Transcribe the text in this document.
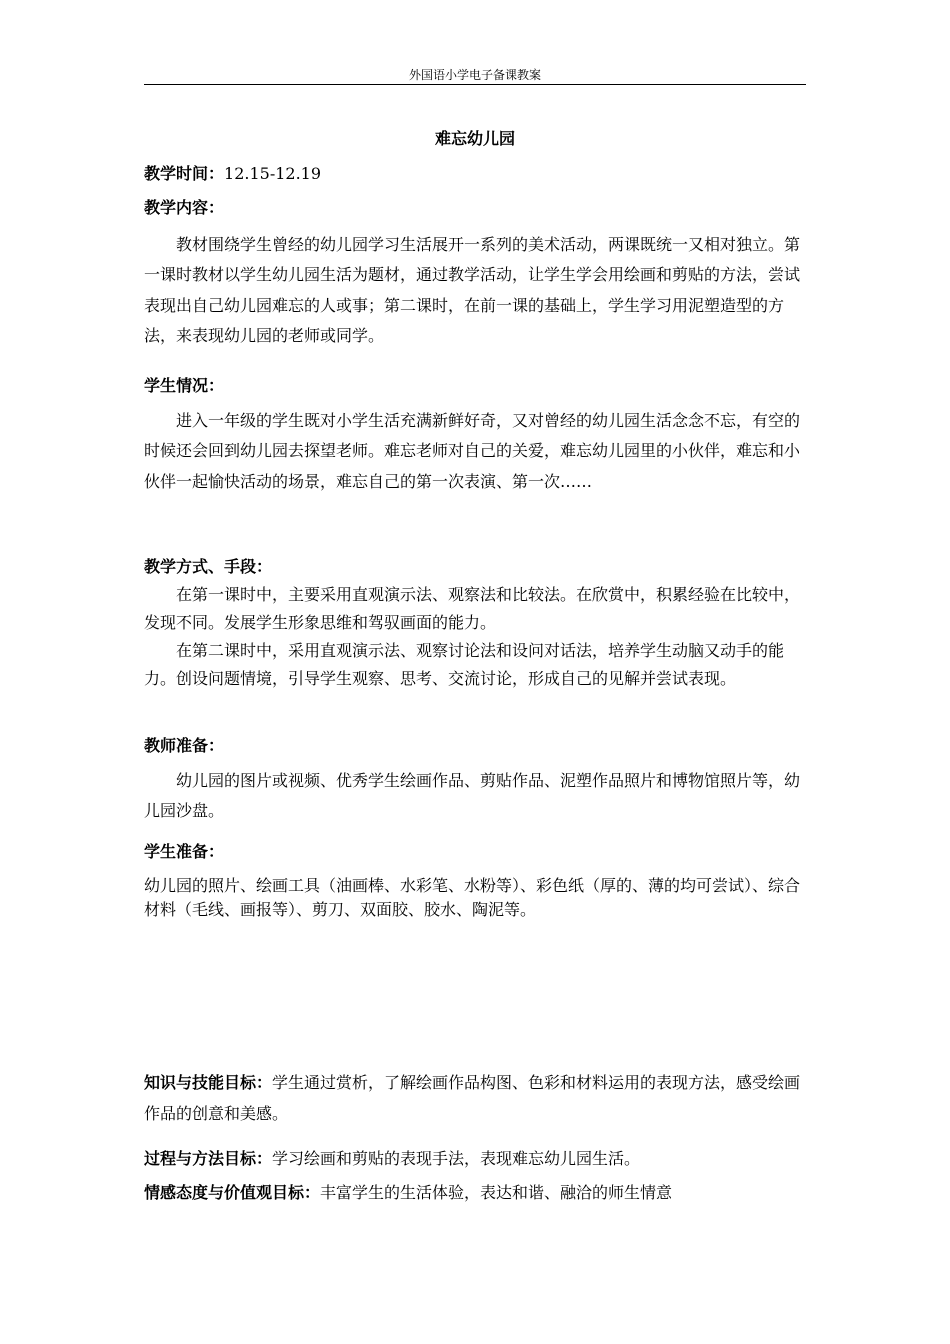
外国语小学电子备课教案
难忘幼儿园
教学时间：12.15-12.19
教学内容：
教材围绕学生曾经的幼儿园学习生活展开一系列的美术活动，两课既统一又相对独立。第一课时教材以学生幼儿园生活为题材，通过教学活动，让学生学会用绘画和剪贴的方法，尝试表现出自己幼儿园难忘的人或事；第二课时，在前一课的基础上，学生学习用泥塑造型的方法，来表现幼儿园的老师或同学。
学生情况：
进入一年级的学生既对小学生活充满新鲜好奇，又对曾经的幼儿园生活念念不忘，有空的时候还会回到幼儿园去探望老师。难忘老师对自己的关爱，难忘幼儿园里的小伙伴，难忘和小伙伴一起愉快活动的场景，难忘自己的第一次表演、第一次……
教学方式、手段：
在第一课时中，主要采用直观演示法、观察法和比较法。在欣赏中，积累经验在比较中，发现不同。发展学生形象思维和驾驭画面的能力。
在第二课时中，采用直观演示法、观察讨论法和设问对话法，培养学生动脑又动手的能力。创设问题情境，引导学生观察、思考、交流讨论，形成自己的见解并尝试表现。
教师准备：
幼儿园的图片或视频、优秀学生绘画作品、剪贴作品、泥塑作品照片和博物馆照片等，幼儿园沙盘。
学生准备：
幼儿园的照片、绘画工具（油画棒、水彩笔、水粉等）、彩色纸（厚的、薄的均可尝试）、综合材料（毛线、画报等）、剪刀、双面胶、胶水、陶泥等。
知识与技能目标：学生通过赏析，了解绘画作品构图、色彩和材料运用的表现方法，感受绘画作品的创意和美感。
过程与方法目标：学习绘画和剪贴的表现手法，表现难忘幼儿园生活。
情感态度与价值观目标：丰富学生的生活体验，表达和谐、融洽的师生情意
